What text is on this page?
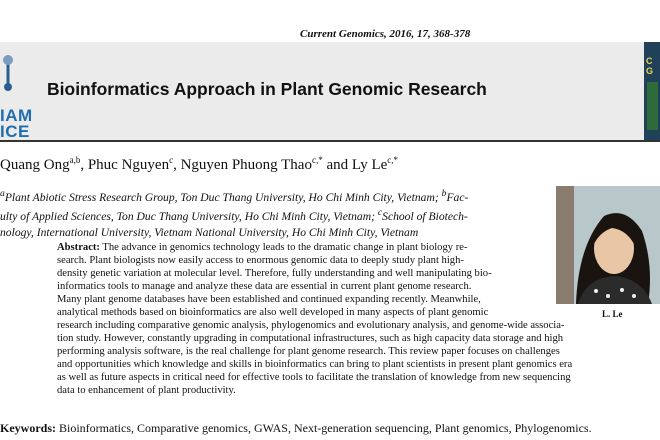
Current Genomics, 2016, 17, 368-378
IAM
ICE
Bioinformatics Approach in Plant Genomic Research
C
G
Quang Ong$^{a,b}$, Phuc Nguyen$^c$, Nguyen Phuong Thao$^{c,*}$ and Ly $Le^{c,*}$
$^a$Plant Abiotic Stress Research Group, Ton Duc Thang University, Ho Chi Minh City, Vietnam; $^b$Fac-
ulty of Applied Sciences, Ton Duc Thang University, Ho Chi Minh City, Vietnam; $^c$School of Biotech-
nology, International University, Vietnam National University, Ho Chi Minh City, Vietnam
L. Le
Abstract: The advance in genomics technology leads to the dramatic change in plant biology re-
search. Plant biologists now easily access to enormous genomic data to deeply study plant high-
density genetic variation at molecular level. Therefore, fully understanding and well manipulating bio-
informatics tools to manage and analyze these data are essential in current plant genome research.
Many plant genome databases have been established and continued expanding recently. Meanwhile,
analytical methods based on bioinformatics are also well developed in many aspects of plant genomic
research including comparative genomic analysis, phylogenomics and evolutionary analysis, and genome-wide associa-
tion study. However, constantly upgrading in computational infrastructures, such as high capacity data storage and high
performing analysis software, is the real challenge for plant genome research. This review paper focuses on challenges
and opportunities which knowledge and skills in bioinformatics can bring to plant scientists in present plant genomics era
as well as future aspects in critical need for effective tools to facilitate the translation of knowledge from new sequencing
data to enhancement of plant productivity.
Keywords: Bioinformatics, Comparative genomics, GWAS, Next-generation sequencing, Plant genomics, Phylogenomics.
